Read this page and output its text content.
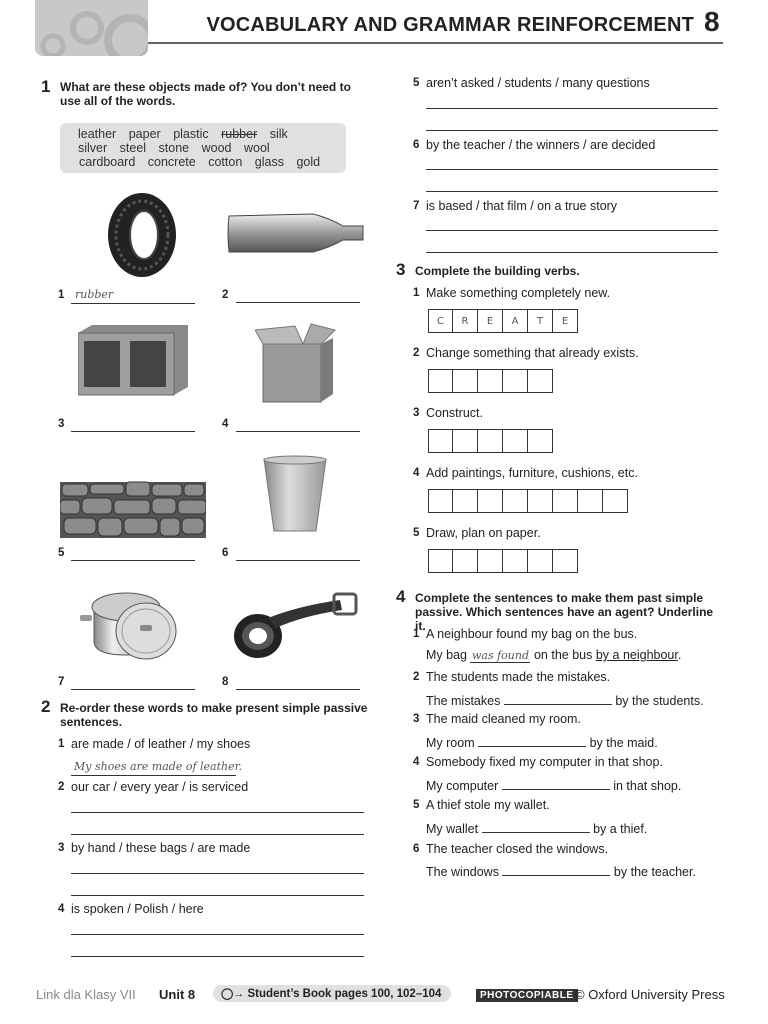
VOCABULARY AND GRAMMAR REINFORCEMENT 8
1 What are these objects made of? You don’t need to use all of the words.
leather paper plastic rubber silk
silver steel stone wood wool
cardboard concrete cotton glass gold
1 rubber	2
3	4
5	6
7	8
2 Re-order these words to make present simple passive sentences.
1 are made / of leather / my shoes
My shoes are made of leather.
2 our car / every year / is serviced
3 by hand / these bags / are made
4 is spoken / Polish / here
5 aren’t asked / students / many questions
6 by the teacher / the winners / are decided
7 is based / that film / on a true story
3 Complete the building verbs.
1 Make something completely new.
C	R	E	A	T	E
2 Change something that already exists.
3 Construct.
4 Add paintings, furniture, cushions, etc.
5 Draw, plan on paper.
4 Complete the sentences to make them past simple passive. Which sentences have an agent? Underline it.
1 A neighbour found my bag on the bus.
My bag was found on the bus by a neighbour.
2 The students made the mistakes.
The mistakes	by the students.
3 The maid cleaned my room.
My room	by the maid.
4 Somebody fixed my computer in that shop.
My computer	in that shop.
5 A thief stole my wallet.
My wallet	by a thief.
6 The teacher closed the windows.
The windows	by the teacher.
Link dla Klasy VII Unit 8	◯→ Student’s Book pages 100, 102–104	PHOTOCOPIABLE © Oxford University Press
